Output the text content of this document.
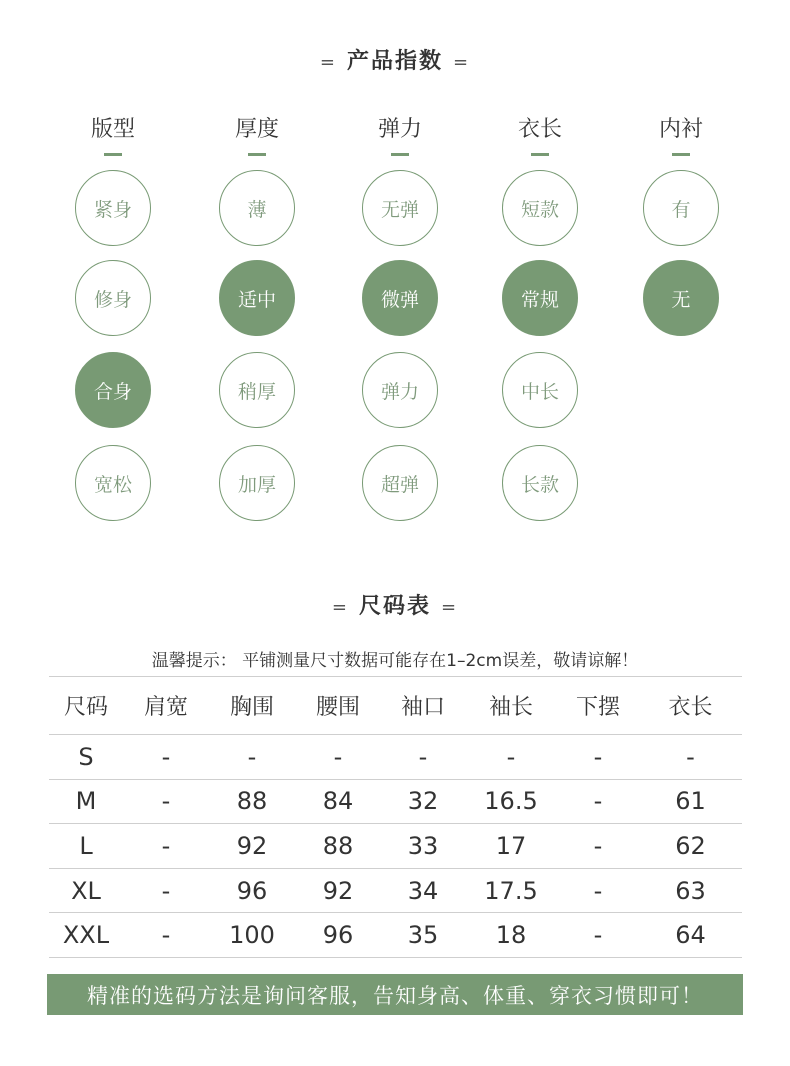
= 产品指数 =
版型
紧身
修身
合身
宽松
厚度
薄
适中
稍厚
加厚
弹力
无弹
微弹
弹力
超弹
衣长
短款
常规
中长
长款
内衬
有
无
= 尺码表 =
温馨提示： 平铺测量尺寸数据可能存在1–2cm误差，敬请谅解！
尺码	肩宽	胸围	腰围	袖口	袖长	下摆	衣长
S	-	-	-	-	-	-	-
M	-	88	84	32	16.5	-	61
L	-	92	88	33	17	-	62
XL	-	96	92	34	17.5	-	63
XXL	-	100	96	35	18	-	64
精准的选码方法是询问客服，告知身高、体重、穿衣习惯即可！
